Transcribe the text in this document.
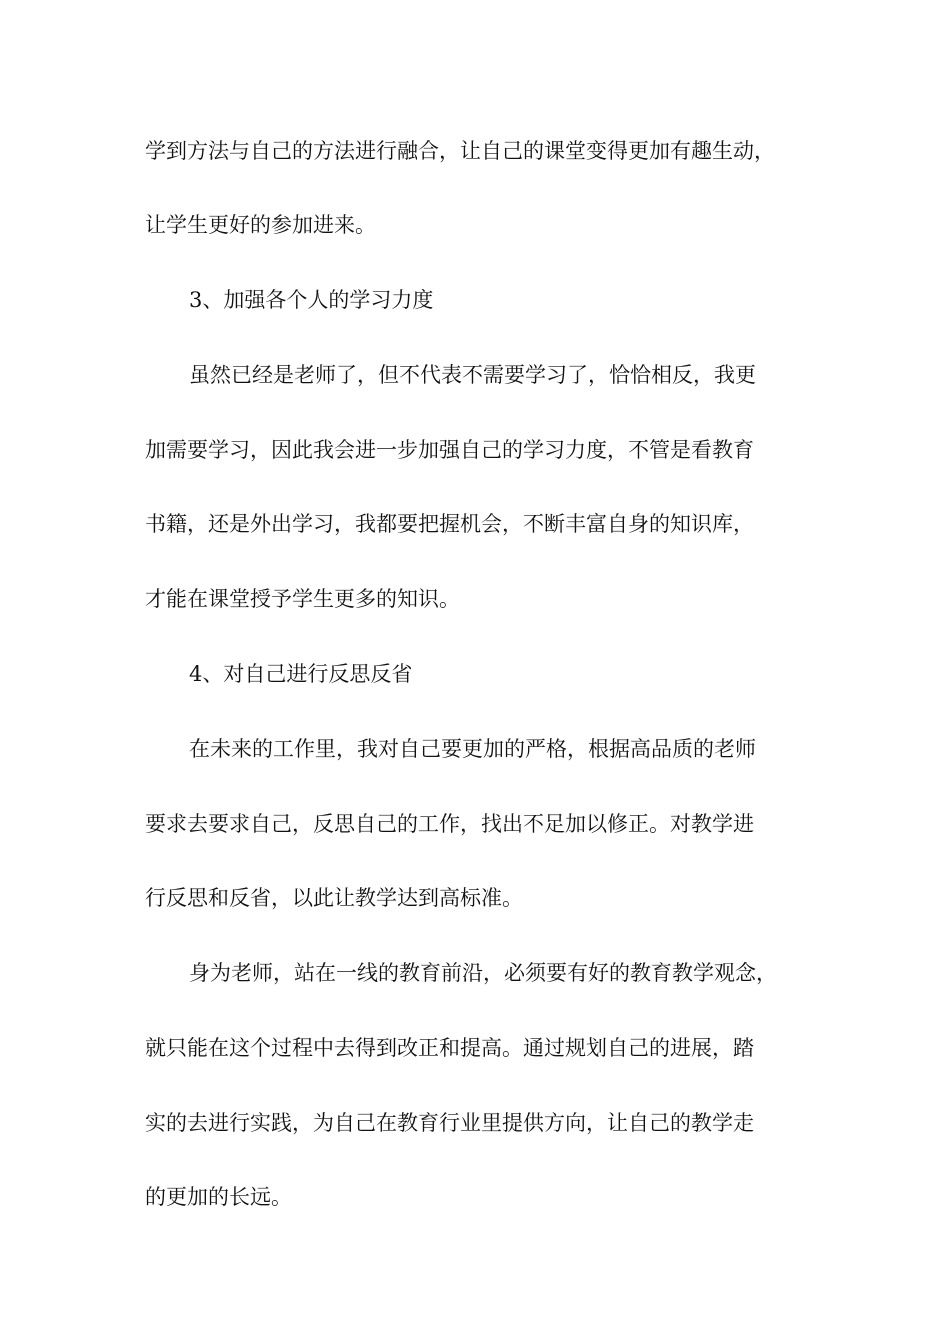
学到方法与自己的方法进行融合，让自己的课堂变得更加有趣生动，
让学生更好的参加进来。
3、加强各个人的学习力度
虽然已经是老师了，但不代表不需要学习了，恰恰相反，我更
加需要学习，因此我会进一步加强自己的学习力度，不管是看教育
书籍，还是外出学习，我都要把握机会，不断丰富自身的知识库，
才能在课堂授予学生更多的知识。
4、对自己进行反思反省
在未来的工作里，我对自己要更加的严格，根据高品质的老师
要求去要求自己，反思自己的工作，找出不足加以修正。对教学进
行反思和反省，以此让教学达到高标准。
身为老师，站在一线的教育前沿，必须要有好的教育教学观念，
就只能在这个过程中去得到改正和提高。通过规划自己的进展，踏
实的去进行实践，为自己在教育行业里提供方向，让自己的教学走
的更加的长远。
